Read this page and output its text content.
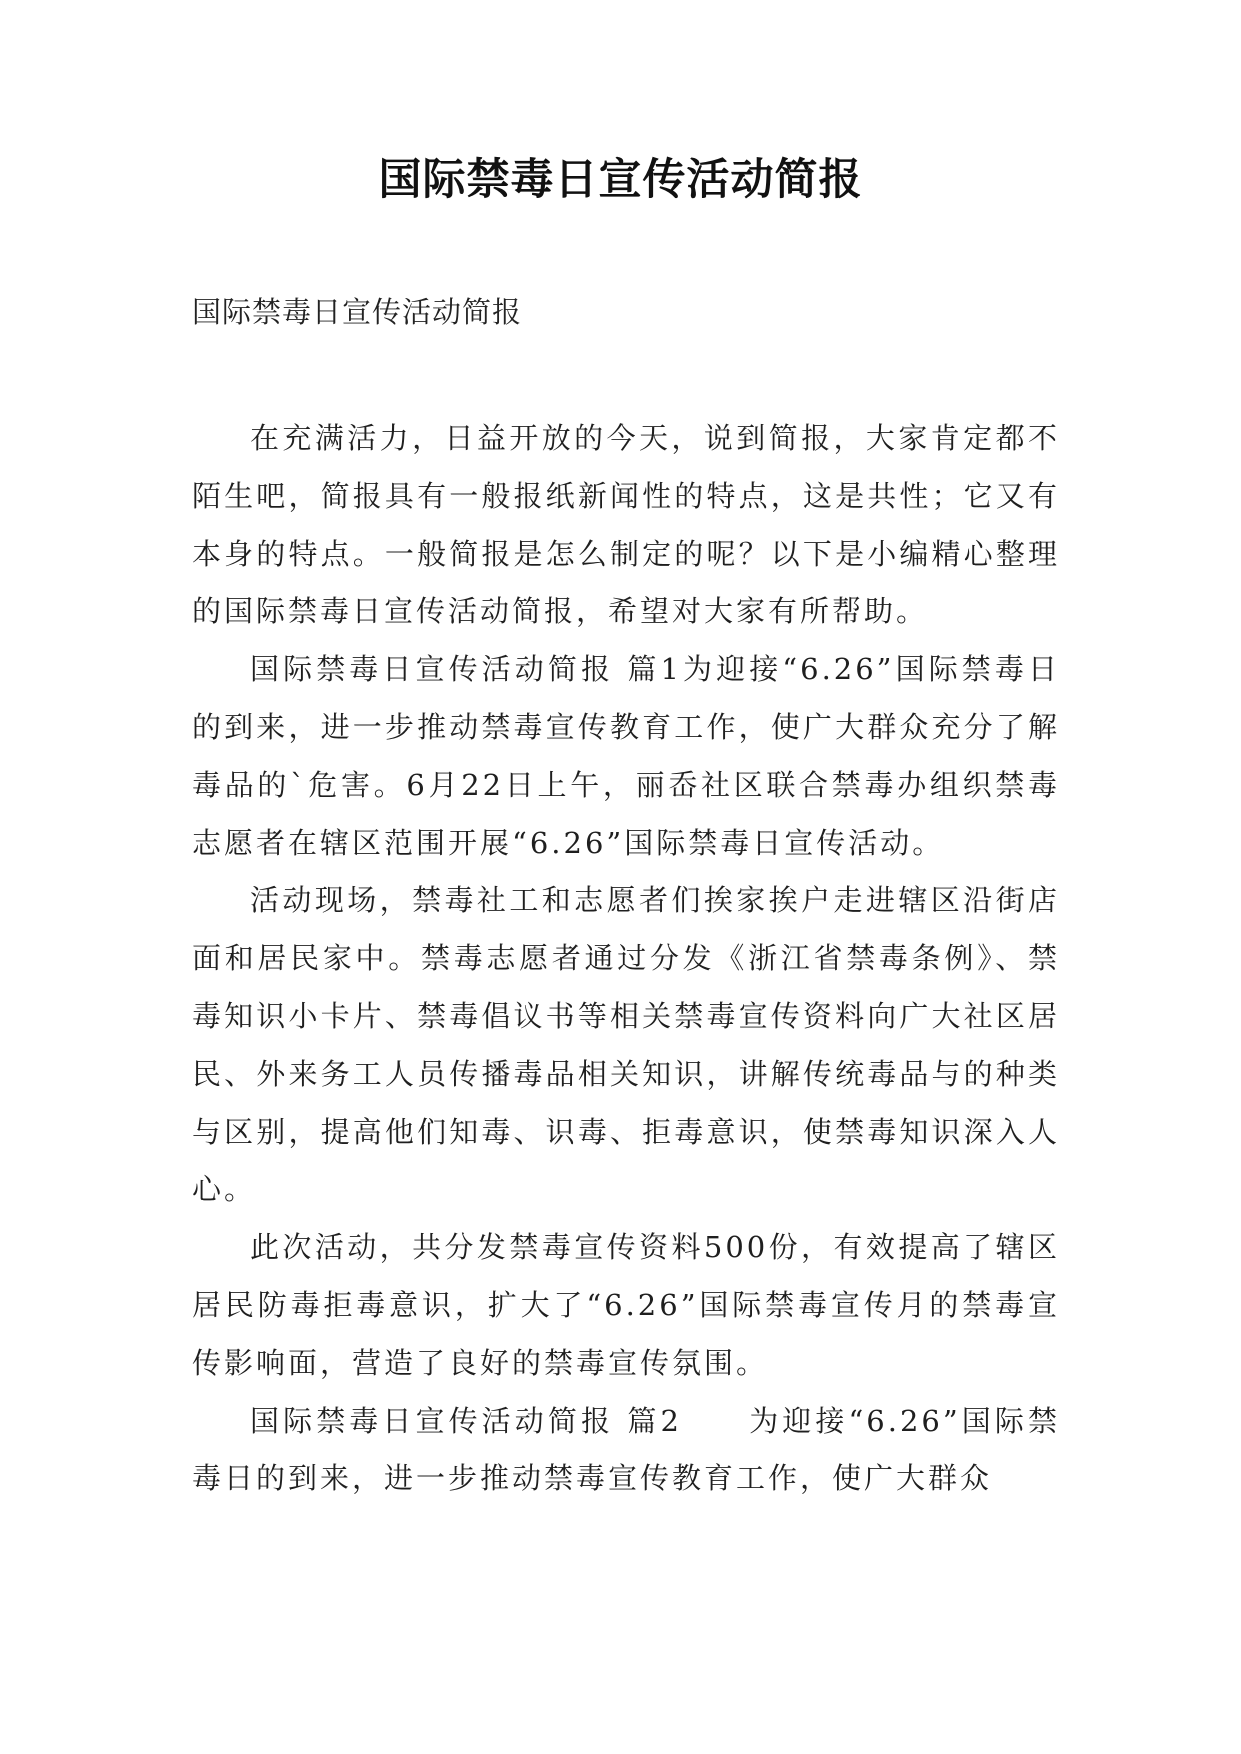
国际禁毒日宣传活动简报
国际禁毒日宣传活动简报

在充满活力，日益开放的今天，说到简报，大家肯定都不陌生吧，简报具有一般报纸新闻性的特点，这是共性；它又有本身的特点。一般简报是怎么制定的呢？以下是小编精心整理的国际禁毒日宣传活动简报，希望对大家有所帮助。

国际禁毒日宣传活动简报 篇1为迎接“6.26”国际禁毒日的到来，进一步推动禁毒宣传教育工作，使广大群众充分了解毒品的`危害。6月22日上午，丽岙社区联合禁毒办组织禁毒志愿者在辖区范围开展“6.26”国际禁毒日宣传活动。

活动现场，禁毒社工和志愿者们挨家挨户走进辖区沿街店面和居民家中。禁毒志愿者通过分发《浙江省禁毒条例》、禁毒知识小卡片、禁毒倡议书等相关禁毒宣传资料向广大社区居民、外来务工人员传播毒品相关知识，讲解传统毒品与的种类与区别，提高他们知毒、识毒、拒毒意识，使禁毒知识深入人心。

此次活动，共分发禁毒宣传资料500份，有效提高了辖区居民防毒拒毒意识，扩大了“6.26”国际禁毒宣传月的禁毒宣传影响面，营造了良好的禁毒宣传氛围。

国际禁毒日宣传活动简报 篇2　　为迎接“6.26”国际禁毒日的到来，进一步推动禁毒宣传教育工作，使广大群众
